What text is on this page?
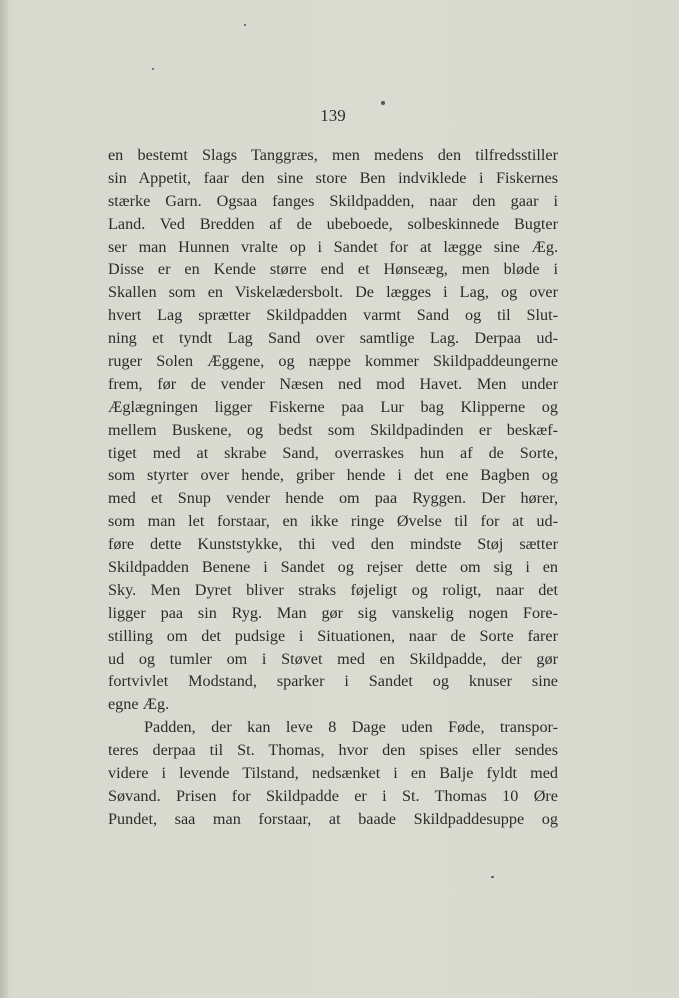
139
en bestemt Slags Tanggræs, men medens den tilfredsstiller
sin Appetit, faar den sine store Ben indviklede i Fiskernes
stærke Garn. Ogsaa fanges Skildpadden, naar den gaar i
Land. Ved Bredden af de ubeboede, solbeskinnede Bugter
ser man Hunnen vralte op i Sandet for at lægge sine Æg.
Disse er en Kende større end et Hønseæg, men bløde i
Skallen som en Viskelædersbolt. De lægges i Lag, og over
hvert Lag sprætter Skildpadden varmt Sand og til Slut-
ning et tyndt Lag Sand over samtlige Lag. Derpaa ud-
ruger Solen Æggene, og næppe kommer Skildpaddeungerne
frem, før de vender Næsen ned mod Havet. Men under
Æglægningen ligger Fiskerne paa Lur bag Klipperne og
mellem Buskene, og bedst som Skildpadinden er beskæf-
tiget med at skrabe Sand, overraskes hun af de Sorte,
som styrter over hende, griber hende i det ene Bagben og
med et Snup vender hende om paa Ryggen. Der hører,
som man let forstaar, en ikke ringe Øvelse til for at ud-
føre dette Kunststykke, thi ved den mindste Støj sætter
Skildpadden Benene i Sandet og rejser dette om sig i en
Sky. Men Dyret bliver straks føjeligt og roligt, naar det
ligger paa sin Ryg. Man gør sig vanskelig nogen Fore-
stilling om det pudsige i Situationen, naar de Sorte farer
ud og tumler om i Støvet med en Skildpadde, der gør
fortvivlet Modstand, sparker i Sandet og knuser sine
egne Æg.
Padden, der kan leve 8 Dage uden Føde, transpor-
teres derpaa til St. Thomas, hvor den spises eller sendes
videre i levende Tilstand, nedsænket i en Balje fyldt med
Søvand. Prisen for Skildpadde er i St. Thomas 10 Øre
Pundet, saa man forstaar, at baade Skildpaddesuppe og
